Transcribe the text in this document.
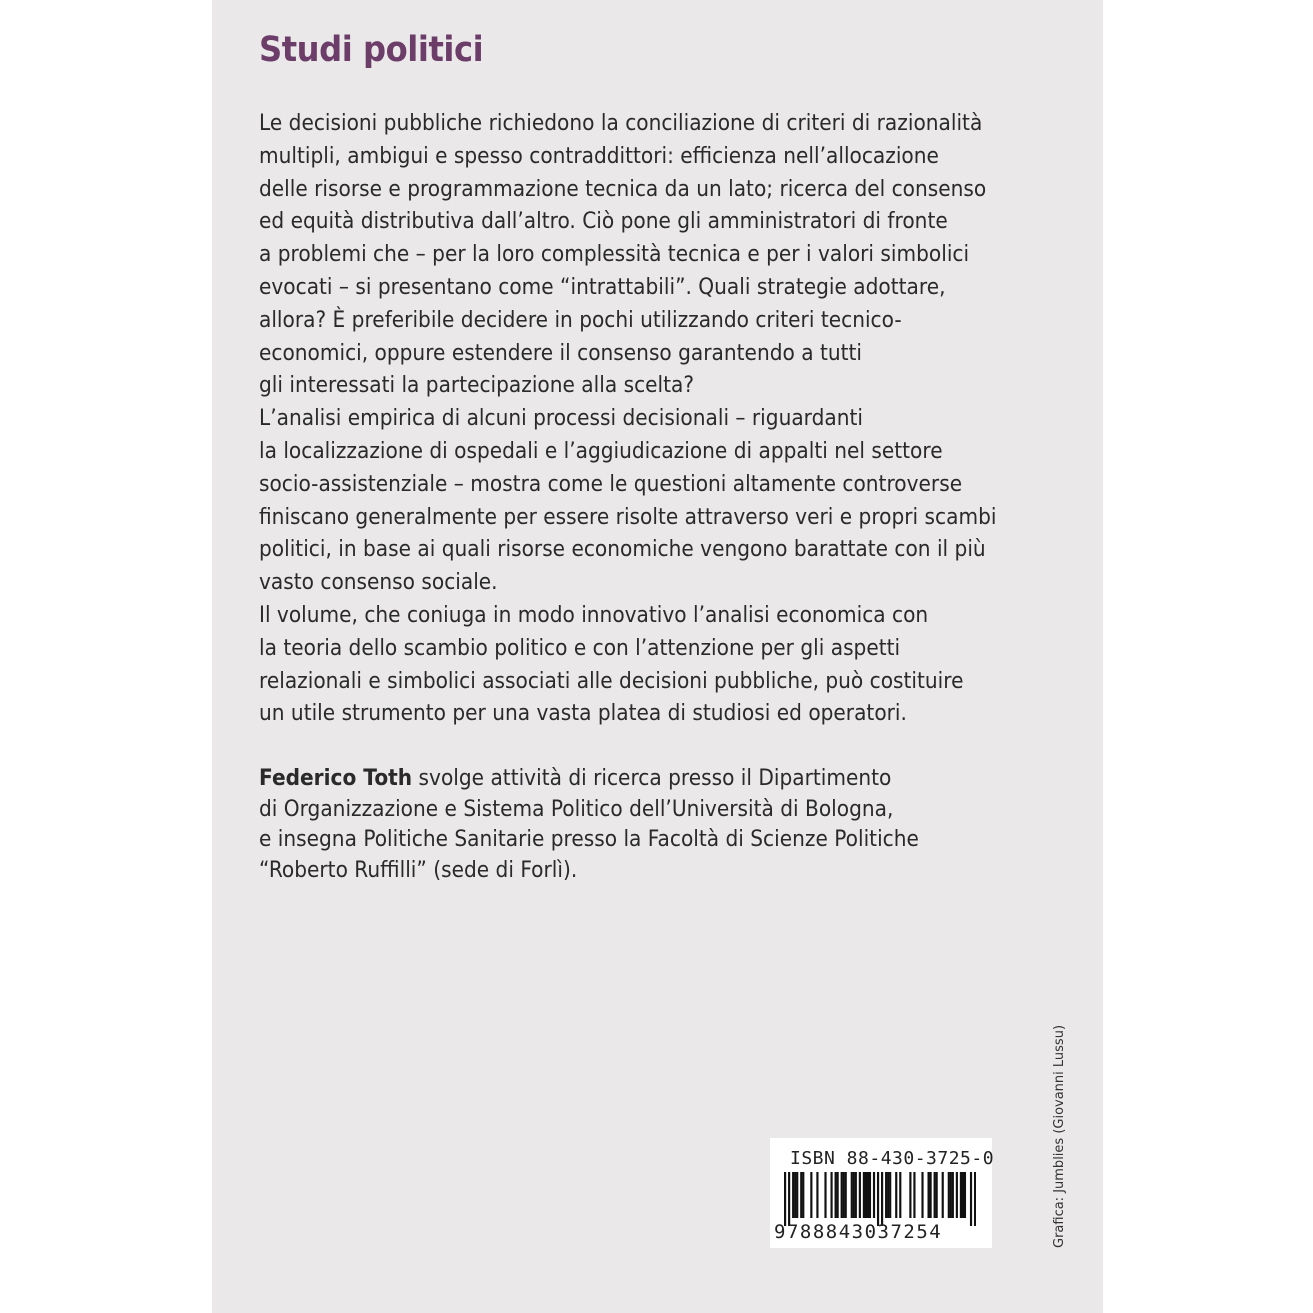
Studi politici
Le decisioni pubbliche richiedono la conciliazione di criteri di razionalità
multipli, ambigui e spesso contraddittori: efficienza nell’allocazione
delle risorse e programmazione tecnica da un lato; ricerca del consenso
ed equità distributiva dall’altro. Ciò pone gli amministratori di fronte
a problemi che – per la loro complessità tecnica e per i valori simbolici
evocati – si presentano come “intrattabili”. Quali strategie adottare,
allora? È preferibile decidere in pochi utilizzando criteri tecnico-
economici, oppure estendere il consenso garantendo a tutti
gli interessati la partecipazione alla scelta?
L’analisi empirica di alcuni processi decisionali – riguardanti
la localizzazione di ospedali e l’aggiudicazione di appalti nel settore
socio-assistenziale – mostra come le questioni altamente controverse
finiscano generalmente per essere risolte attraverso veri e propri scambi
politici, in base ai quali risorse economiche vengono barattate con il più
vasto consenso sociale.
Il volume, che coniuga in modo innovativo l’analisi economica con
la teoria dello scambio politico e con l’attenzione per gli aspetti
relazionali e simbolici associati alle decisioni pubbliche, può costituire
un utile strumento per una vasta platea di studiosi ed operatori.
Federico Toth svolge attività di ricerca presso il Dipartimento
di Organizzazione e Sistema Politico dell’Università di Bologna,
e insegna Politiche Sanitarie presso la Facoltà di Scienze Politiche
“Roberto Ruffilli” (sede di Forlì).
ISBN 88-430-3725-0
9788843037254	Grafica: Jumblies (Giovanni Lussu)
